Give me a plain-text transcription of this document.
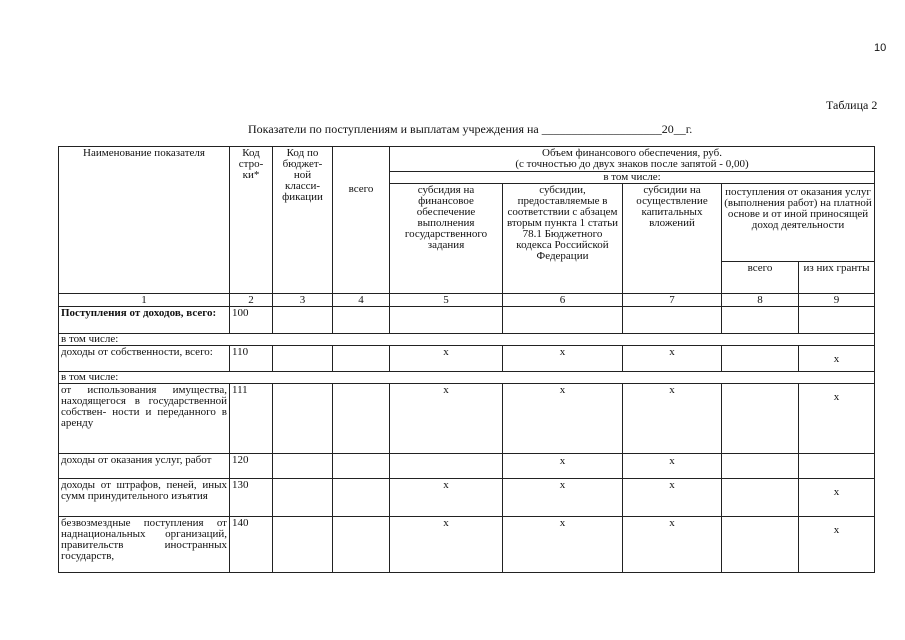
10
Таблица 2
Показатели по поступлениям и выплатам учреждения на ____________________20__г.
Наименование показателя	Код стро- ки*	Код по бюджет- ной класси- фикации		Объем финансового обеспечения, руб.
(с точностью до двух знаков после запятой - 0,00)				

				в том числе:				
			всего	субсидия на финансовое обеспечение выполнения государственного задания	субсидии, предоставляемые в соответствии с абзацем вторым пункта 1 статьи 78.1 Бюджетного кодекса Российской Федерации	субсидии на осуществление капитальных вложений	поступления от оказания услуг (выполнения работ) на платной основе и от иной приносящей доход деятельности	
							всего	из них гранты
1	2	3	4	5	6	7	8	9
Поступления от доходов, всего:	100							
в том числе:								
доходы от собственности, всего:	110			х	х	х		х
в том числе:								
от использования имущества, находящегося в государственной собствен- ности и переданного в аренду	111			х	х	х		х
доходы от оказания услуг, работ	120				х	х		
доходы от штрафов, пеней, иных сумм принудительного изъятия	130			х	х	х		х
безвозмездные поступления от наднациональных организаций, правительств иностранных государств,	140			х	х	х		х
